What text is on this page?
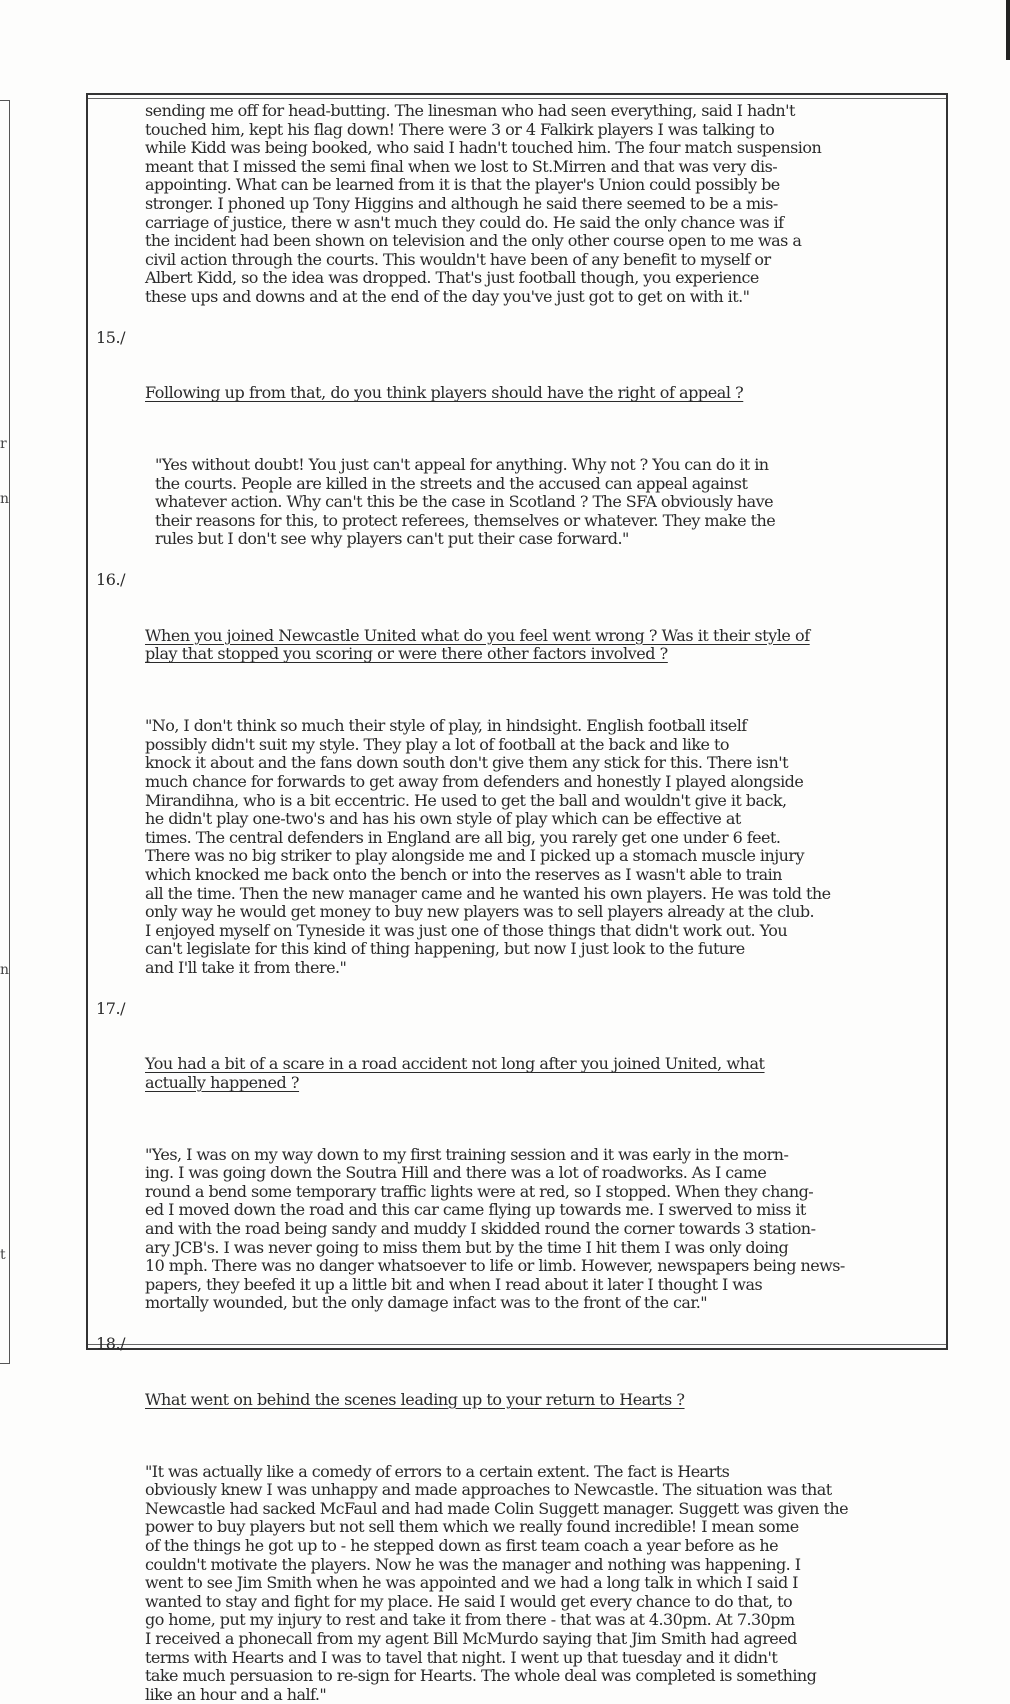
r
n
n
t
sending me off for head-butting. The linesman who had seen everything, said I hadn't
touched him, kept his flag down! There were 3 or 4 Falkirk players I was talking to
while Kidd was being booked, who said I hadn't touched him. The four match suspension
meant that I missed the semi final when we lost to St.Mirren and that was very dis-
appointing. What can be learned from it is that the player's Union could possibly be
stronger. I phoned up Tony Higgins and although he said there seemed to be a mis-
carriage of justice, there w asn't much they could do. He said the only chance was if
the incident had been shown on television and the only other course open to me was a
civil action through the courts. This wouldn't have been of any benefit to myself or
Albert Kidd, so the idea was dropped. That's just football though, you experience
these ups and downs and at the end of the day you've just got to get on with it."

15./

Following up from that, do you think players should have the right of appeal ?

"Yes without doubt! You just can't appeal for anything. Why not ? You can do it in
the courts. People are killed in the streets and the accused can appeal against
whatever action. Why can't this be the case in Scotland ? The SFA obviously have
their reasons for this, to protect referees, themselves or whatever. They make the
rules but I don't see why players can't put their case forward."

16./

When you joined Newcastle United what do you feel went wrong ? Was it their style of
play that stopped you scoring or were there other factors involved ?

"No, I don't think so much their style of play, in hindsight. English football itself
possibly didn't suit my style. They play a lot of football at the back and like to
knock it about and the fans down south don't give them any stick for this. There isn't
much chance for forwards to get away from defenders and honestly I played alongside
Mirandihna, who is a bit eccentric. He used to get the ball and wouldn't give it back,
he didn't play one-two's and has his own style of play which can be effective at
times. The central defenders in England are all big, you rarely get one under 6 feet.
There was no big striker to play alongside me and I picked up a stomach muscle injury
which knocked me back onto the bench or into the reserves as I wasn't able to train
all the time. Then the new manager came and he wanted his own players. He was told the
only way he would get money to buy new players was to sell players already at the club.
I enjoyed myself on Tyneside it was just one of those things that didn't work out. You
can't legislate for this kind of thing happening, but now I just look to the future
and I'll take it from there."

17./

You had a bit of a scare in a road accident not long after you joined United, what
actually happened ?

"Yes, I was on my way down to my first training session and it was early in the morn-
ing. I was going down the Soutra Hill and there was a lot of roadworks. As I came
round a bend some temporary traffic lights were at red, so I stopped. When they chang-
ed I moved down the road and this car came flying up towards me. I swerved to miss it
and with the road being sandy and muddy I skidded round the corner towards 3 station-
ary JCB's. I was never going to miss them but by the time I hit them I was only doing
10 mph. There was no danger whatsoever to life or limb. However, newspapers being news-
papers, they beefed it up a little bit and when I read about it later I thought I was
mortally wounded, but the only damage infact was to the front of the car."

18./

What went on behind the scenes leading up to your return to Hearts ?

"It was actually like a comedy of errors to a certain extent. The fact is Hearts
obviously knew I was unhappy and made approaches to Newcastle. The situation was that
Newcastle had sacked McFaul and had made Colin Suggett manager. Suggett was given the
power to buy players but not sell them which we really found incredible! I mean some
of the things he got up to - he stepped down as first team coach a year before as he
couldn't motivate the players. Now he was the manager and nothing was happening. I
went to see Jim Smith when he was appointed and we had a long talk in which I said I
wanted to stay and fight for my place. He said I would get every chance to do that, to
go home, put my injury to rest and take it from there - that was at 4.30pm. At 7.30pm
I received a phonecall from my agent Bill McMurdo saying that Jim Smith had agreed
terms with Hearts and I was to tavel that night. I went up that tuesday and it didn't
take much persuasion to re-sign for Hearts. The whole deal was completed is something
like an hour and a half."
